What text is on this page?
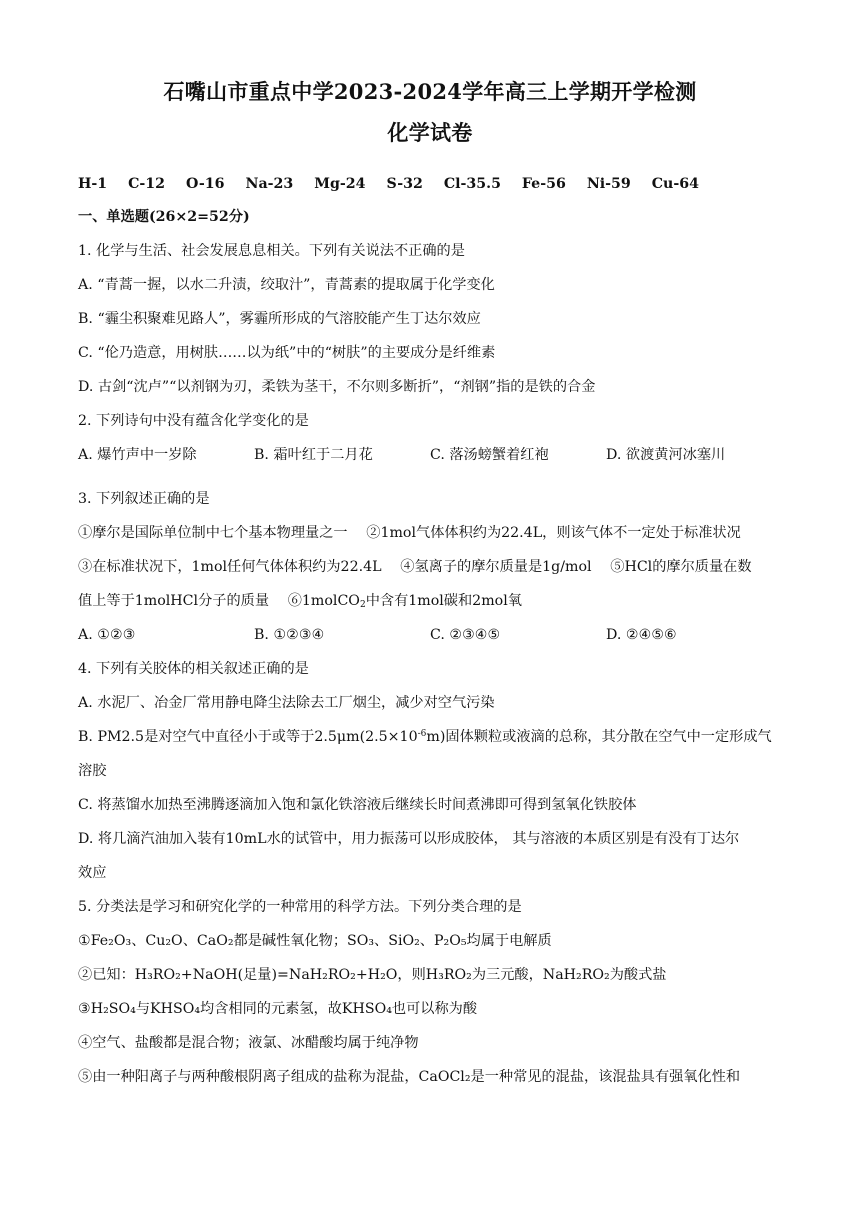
石嘴山市重点中学2023-2024学年高三上学期开学检测
化学试卷
H-1 C-12 O-16 Na-23 Mg-24 S-32 Cl-35.5 Fe-56 Ni-59 Cu-64
一、单选题(26×2=52分)
1. 化学与生活、社会发展息息相关。下列有关说法不正确的是
A. “青蒿一握，以水二升渍，绞取汁”，青蒿素的提取属于化学变化
B. “霾尘积聚难见路人”，雾霾所形成的气溶胶能产生丁达尔效应
C. “伦乃造意，用树肤……以为纸”中的“树肤”的主要成分是纤维素
D. 古剑“沈卢”“以剂钢为刃，柔铁为茎干，不尔则多断折”，“剂钢”指的是铁的合金
2. 下列诗句中没有蕴含化学变化的是
A. 爆竹声中一岁除	B. 霜叶红于二月花	C. 落汤螃蟹着红袍	D. 欲渡黄河冰塞川
3. 下列叙述正确的是
①摩尔是国际单位制中七个基本物理量之一　 ②1mol气体体积约为22.4L，则该气体不一定处于标准状况
③在标准状况下，1mol任何气体体积约为22.4L　 ④氢离子的摩尔质量是1g/mol　 ⑤HCl的摩尔质量在数
值上等于1molHCl分子的质量　 ⑥1molCO$_2$中含有1mol碳和2mol氧
A. ①②③	B. ①②③④	C. ②③④⑤	D. ②④⑤⑥
4. 下列有关胶体的相关叙述正确的是
A. 水泥厂、冶金厂常用静电降尘法除去工厂烟尘，减少对空气污染
B. PM2.5是对空气中直径小于或等于$2.5\mu m(2.5\times 10^{-6}m)$固体颗粒或液滴的总称，其分散在空气中一定形成气
溶胶
C. 将蒸馏水加热至沸腾逐滴加入饱和氯化铁溶液后继续长时间煮沸即可得到氢氧化铁胶体
D. 将几滴汽油加入装有10mL水的试管中，用力振荡可以形成胶体， 其与溶液的本质区别是有没有丁达尔
效应
5. 分类法是学习和研究化学的一种常用的科学方法。下列分类合理的是
①Fe₂O₃、Cu₂O、CaO₂都是碱性氧化物；SO₃、SiO₂、P₂O₅均属于电解质
②已知：H₃RO₂+NaOH(足量)=NaH₂RO₂+H₂O，则H₃RO₂为三元酸，NaH₂RO₂为酸式盐
③H₂SO₄与KHSO₄均含相同的元素氢，故KHSO₄也可以称为酸
④空气、盐酸都是混合物；液氯、冰醋酸均属于纯净物
⑤由一种阳离子与两种酸根阴离子组成的盐称为混盐，CaOCl₂是一种常见的混盐，该混盐具有强氧化性和
